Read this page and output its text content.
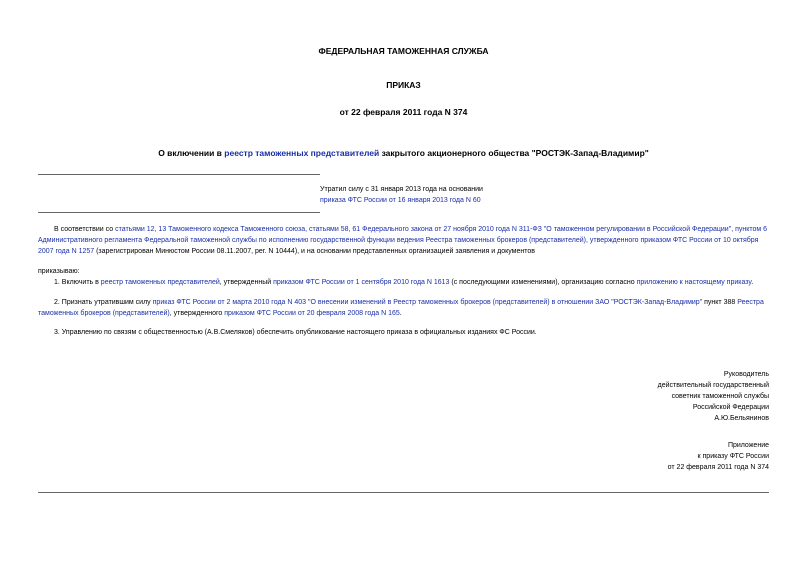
ФЕДЕРАЛЬНАЯ ТАМОЖЕННАЯ СЛУЖБА
ПРИКАЗ
от 22 февраля 2011 года N 374
О включении в реестр таможенных представителей закрытого акционерного общества "РОСТЭК-Запад-Владимир"
Утратил силу с 31 января 2013 года на основании
приказа ФТС России от 16 января 2013 года N 60
В соответствии со статьями 12, 13 Таможенного кодекса Таможенного союза, статьями 58, 61 Федерального закона от 27 ноября 2010 года N 311-ФЗ "О таможенном регулировании в Российской Федерации", пунктом 6 Административного регламента Федеральной таможенной службы по исполнению государственной функции ведения Реестра таможенных брокеров (представителей), утвержденного приказом ФТС России от 10 октября 2007 года N 1257 (зарегистрирован Минюстом России 08.11.2007, рег. N 10444), и на основании представленных организацией заявления и документов
приказываю:
1. Включить в реестр таможенных представителей, утвержденный приказом ФТС России от 1 сентября 2010 года N 1613 (с последующими изменениями), организацию согласно приложению к настоящему приказу.
2. Признать утратившим силу приказ ФТС России от 2 марта 2010 года N 403 "О внесении изменений в Реестр таможенных брокеров (представителей) в отношении ЗАО "РОСТЭК-Запад-Владимир" пункт 388 Реестра таможенных брокеров (представителей), утвержденного приказом ФТС России от 20 февраля 2008 года N 165.
3. Управлению по связям с общественностью (А.В.Смеляков) обеспечить опубликование настоящего приказа в официальных изданиях ФС России.
Руководитель
действительный государственный
советник таможенной службы
Российской Федерации
А.Ю.Бельянинов
Приложение
к приказу ФТС России
от 22 февраля 2011 года N 374
